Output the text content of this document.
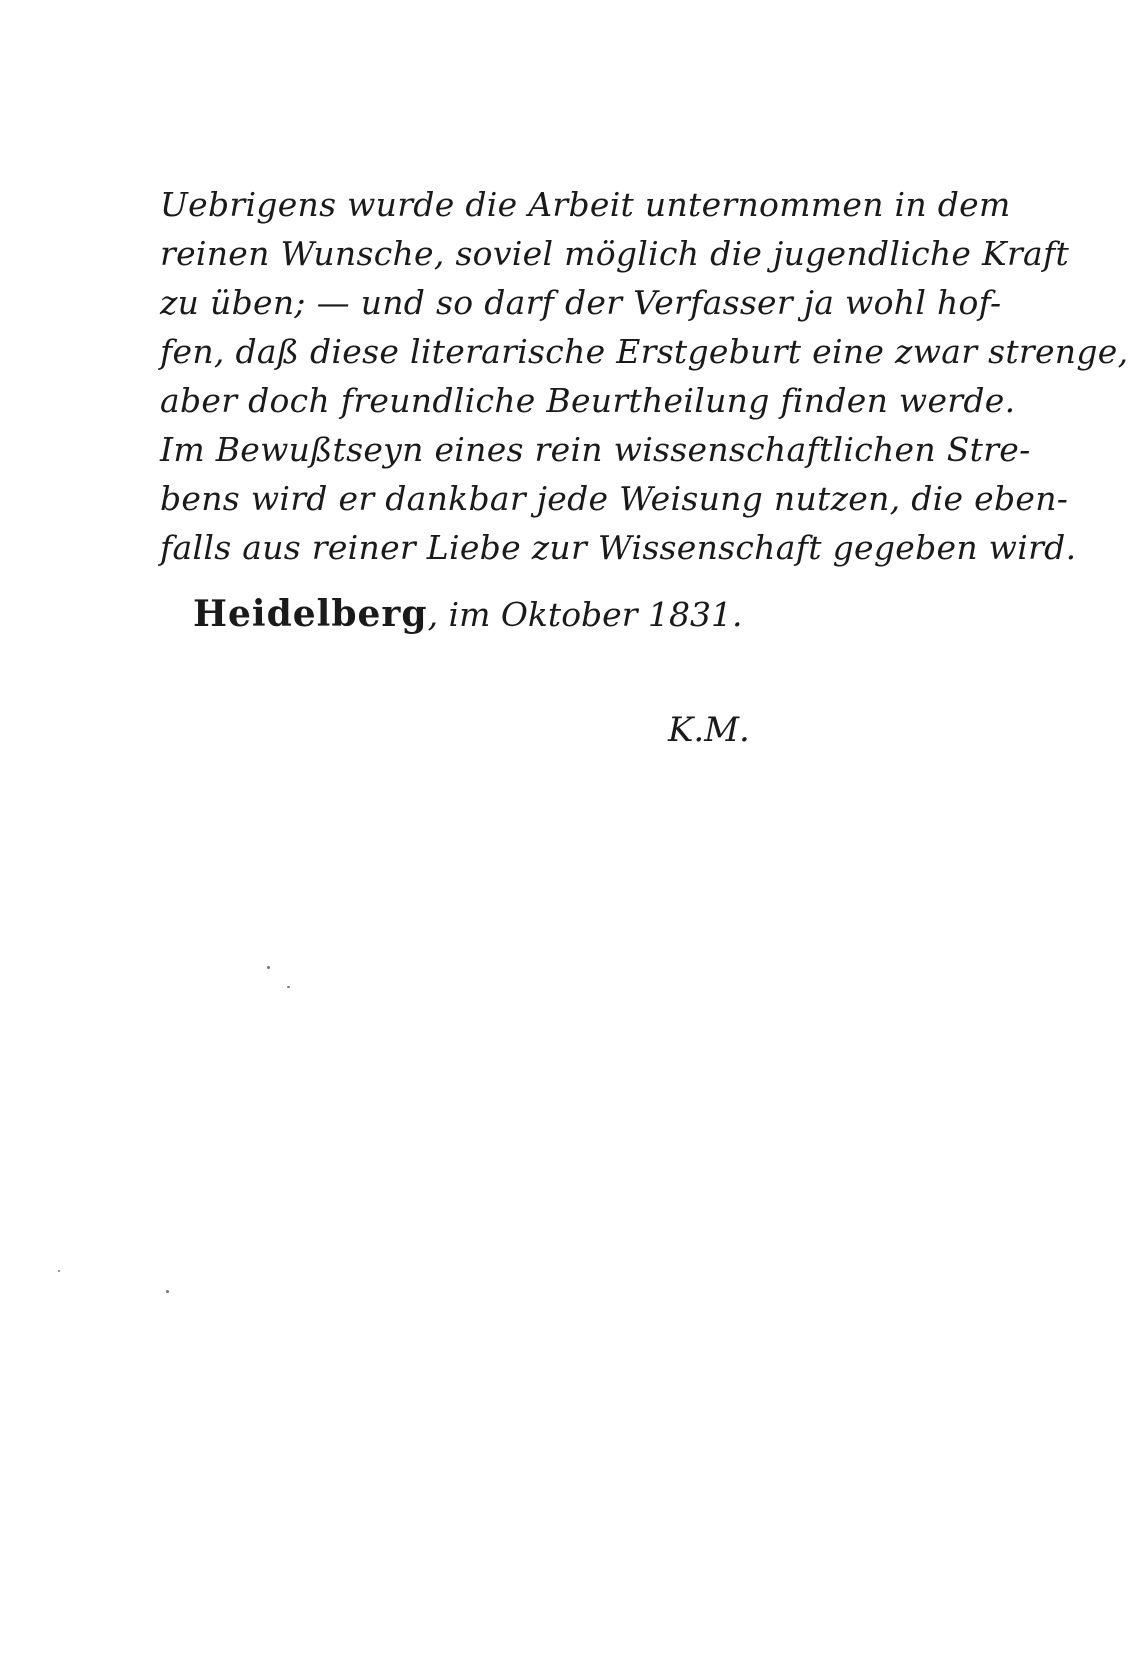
Uebrigens wurde die Arbeit unternommen in dem
reinen Wunsche, soviel möglich die jugendliche Kraft
zu üben; — und so darf der Verfasser ja wohl hof-
fen, daß diese literarische Erstgeburt eine zwar strenge,
aber doch freundliche Beurtheilung finden werde.
Im Bewußtseyn eines rein wissenschaftlichen Stre-
bens wird er dankbar jede Weisung nutzen, die eben-
falls aus reiner Liebe zur Wissenschaft gegeben wird.
Heidelberg, im Oktober 1831.
K.M.
